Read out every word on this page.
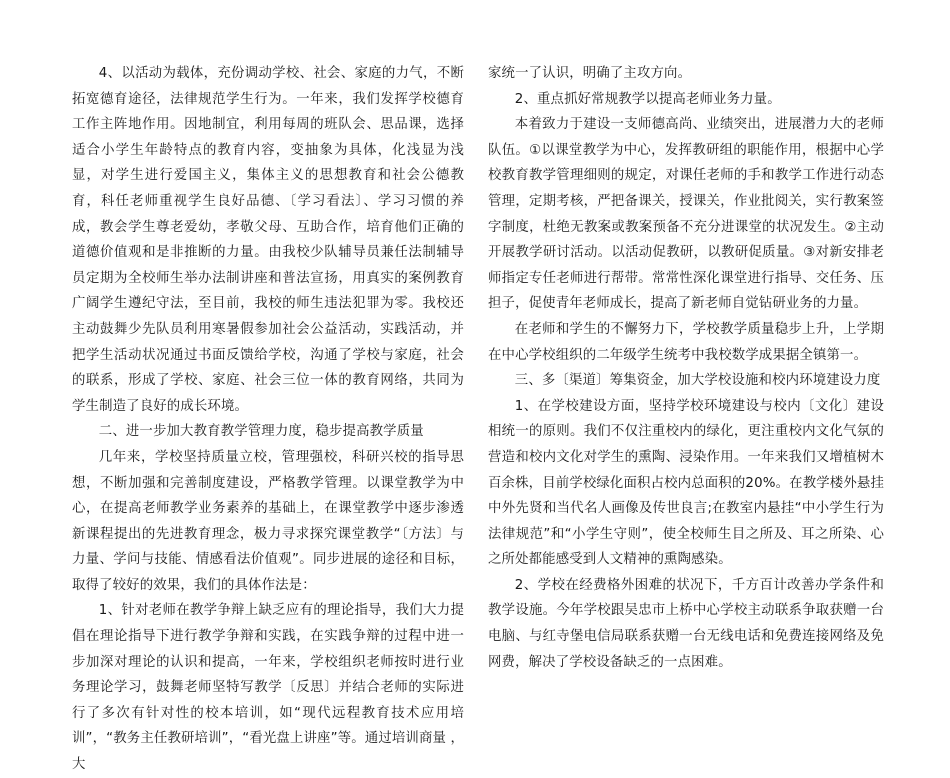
4、以活动为载体，充份调动学校、社会、家庭的力气，不断拓宽德育途径，法律规范学生行为。一年来，我们发挥学校德育工作主阵地作用。因地制宜，利用每周的班队会、思品课，选择适合小学生年龄特点的教育内容，变抽象为具体，化浅显为浅显，对学生进行爱国主义，集体主义的思想教育和社会公德教育，科任老师重视学生良好品德、〔学习看法〕、学习习惯的养成，教会学生尊老爱幼，孝敬父母、互助合作，培育他们正确的道德价值观和是非推断的力量。由我校少队辅导员兼任法制辅导员定期为全校师生举办法制讲座和普法宣扬，用真实的案例教育广阔学生遵纪守法，至目前，我校的师生违法犯罪为零。我校还主动鼓舞少先队员利用寒暑假参加社会公益活动，实践活动，并把学生活动状况通过书面反馈给学校，沟通了学校与家庭，社会的联系，形成了学校、家庭、社会三位一体的教育网络，共同为学生制造了良好的成长环境。

二、进一步加大教育教学管理力度，稳步提高教学质量

几年来，学校坚持质量立校，管理强校，科研兴校的指导思想，不断加强和完善制度建设，严格教学管理。以课堂教学为中心，在提高老师教学业务素养的基础上，在课堂教学中逐步渗透新课程提出的先进教育理念，极力寻求探究课堂教学“〔方法〕与力量、学问与技能、情感看法价值观”。同步进展的途径和目标，取得了较好的效果，我们的具体作法是：

1、针对老师在教学争辩上缺乏应有的理论指导，我们大力提倡在理论指导下进行教学争辩和实践，在实践争辩的过程中进一步加深对理论的认识和提高，一年来，学校组织老师按时进行业务理论学习，鼓舞老师坚特写教学〔反思〕并结合老师的实际进行了多次有针对性的校本培训，如“现代远程教育技术应用培训”，“教务主任教研培训”，“看光盘上讲座”等。通过培训商量 ，大

家统一了认识，明确了主攻方向。

2、重点抓好常规教学以提高老师业务力量。

本着致力于建设一支师德高尚、业绩突出，进展潜力大的老师队伍。①以课堂教学为中心，发挥教研组的职能作用，根据中心学校教育教学管理细则的规定，对课任老师的手和教学工作进行动态管理，定期考核，严把备课关，授课关，作业批阅关，实行教案签字制度，杜绝无教案或教案预备不充分进课堂的状况发生。②主动开展教学研讨活动。以活动促教研，以教研促质量。③对新安排老师指定专任老师进行帮带。常常性深化课堂进行指导、交任务、压担子，促使青年老师成长，提高了新老师自觉钻研业务的力量。

在老师和学生的不懈努力下，学校教学质量稳步上升，上学期在中心学校组织的二年级学生统考中我校数学成果据全镇第一。

三、多〔渠道〕筹集资金，加大学校设施和校内环境建设力度

1、在学校建设方面，坚持学校环境建设与校内〔文化〕建设相统一的原则。我们不仅注重校内的绿化，更注重校内文化气氛的营造和校内文化对学生的熏陶、浸染作用。一年来我们又增植树木百余株，目前学校绿化面积占校内总面积的20%。在教学楼外悬挂中外先贤和当代名人画像及传世良言;在教室内悬挂“中小学生行为法律规范”和“小学生守则”，使全校师生目之所及、耳之所染、心之所处都能感受到人文精神的熏陶感染。

2、学校在经费格外困难的状况下，千方百计改善办学条件和教学设施。今年学校跟吴忠市上桥中心学校主动联系争取获赠一台电脑、与红寺堡电信局联系获赠一台无线电话和免费连接网络及免网费，解决了学校设备缺乏的一点困难。
